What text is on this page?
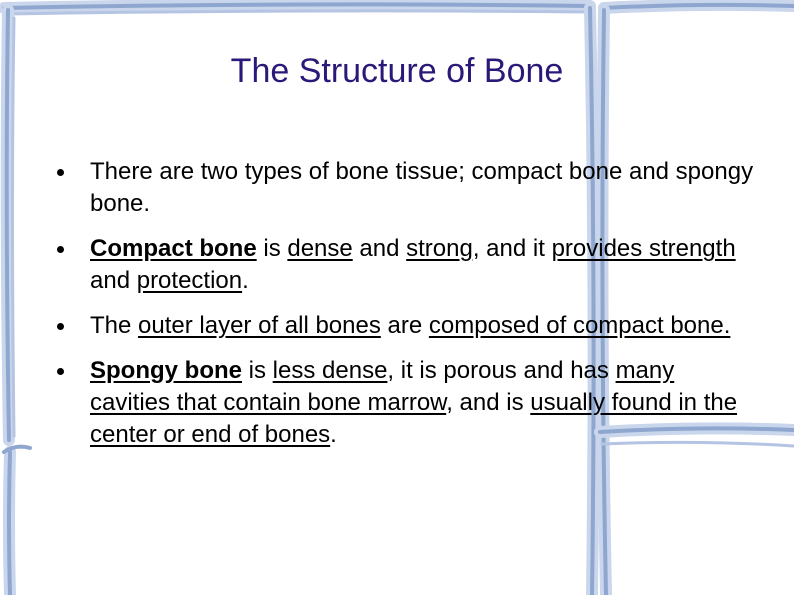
The Structure of Bone
There are two types of bone tissue; compact bone and spongy bone.
Compact bone is dense and strong, and it provides strength and protection.
The outer layer of all bones are composed of compact bone.
Spongy bone is less dense, it is porous and has many cavities that contain bone marrow, and is usually found in the center or end of bones.
